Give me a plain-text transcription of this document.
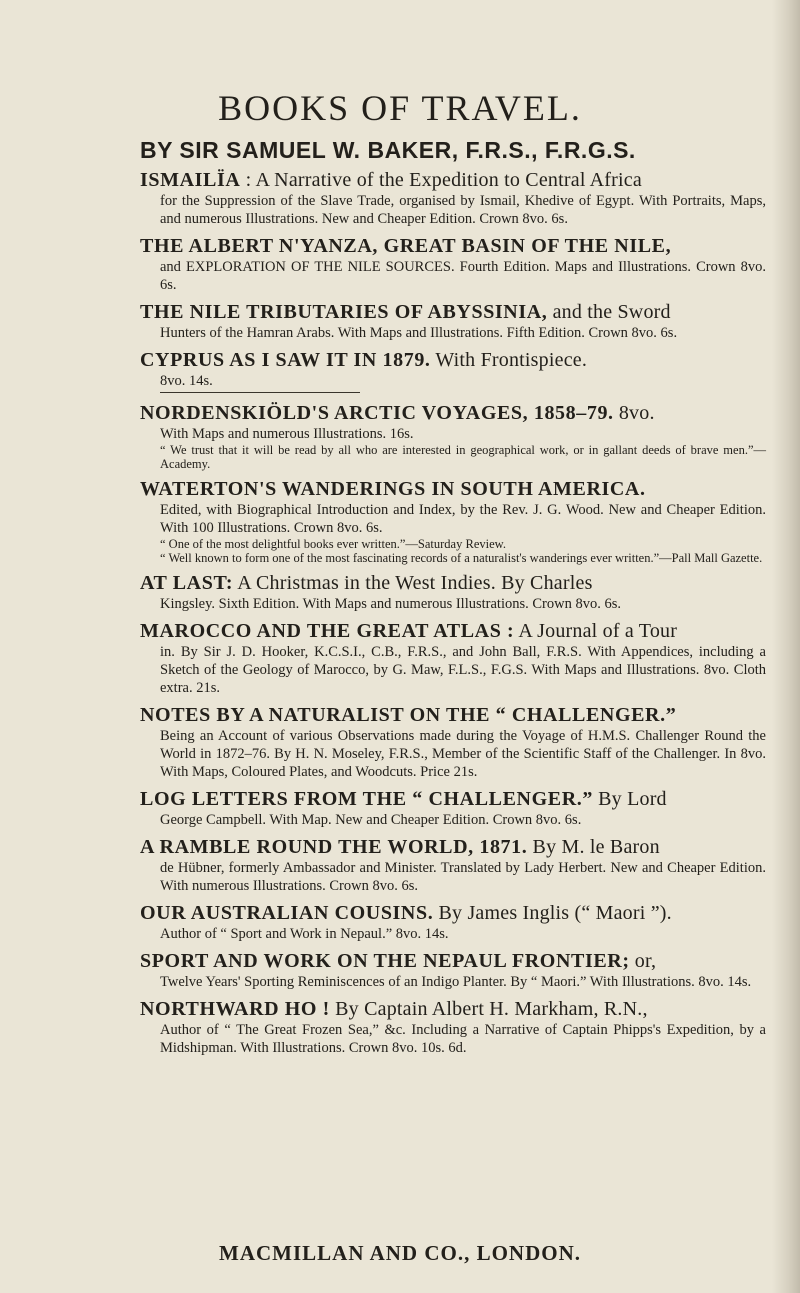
BOOKS OF TRAVEL.
BY SIR SAMUEL W. BAKER, F.R.S., F.R.G.S.
ISMAILÏA : A Narrative of the Expedition to Central Africa
for the Suppression of the Slave Trade, organised by Ismail, Khedive of Egypt. With Portraits, Maps, and numerous Illustrations. New and Cheaper Edition. Crown 8vo. 6s.
THE ALBERT N'YANZA, GREAT BASIN OF THE NILE,
and EXPLORATION OF THE NILE SOURCES. Fourth Edition. Maps and Illustrations. Crown 8vo. 6s.
THE NILE TRIBUTARIES OF ABYSSINIA, and the Sword
Hunters of the Hamran Arabs. With Maps and Illustrations. Fifth Edition. Crown 8vo. 6s.
CYPRUS AS I SAW IT IN 1879. With Frontispiece.
8vo. 14s.
NORDENSKIÖLD'S ARCTIC VOYAGES, 1858–79. 8vo.
With Maps and numerous Illustrations. 16s.
“ We trust that it will be read by all who are interested in geographical work, or in gallant deeds of brave men.”—Academy.
WATERTON'S WANDERINGS IN SOUTH AMERICA.
Edited, with Biographical Introduction and Index, by the Rev. J. G. Wood. New and Cheaper Edition. With 100 Illustrations. Crown 8vo. 6s.
“ One of the most delightful books ever written.”—Saturday Review.
“ Well known to form one of the most fascinating records of a naturalist's wanderings ever written.”—Pall Mall Gazette.
AT LAST: A Christmas in the West Indies. By Charles
Kingsley. Sixth Edition. With Maps and numerous Illustrations. Crown 8vo. 6s.
MAROCCO AND THE GREAT ATLAS : A Journal of a Tour
in. By Sir J. D. Hooker, K.C.S.I., C.B., F.R.S., and John Ball, F.R.S. With Appendices, including a Sketch of the Geology of Marocco, by G. Maw, F.L.S., F.G.S. With Maps and Illustrations. 8vo. Cloth extra. 21s.
NOTES BY A NATURALIST ON THE “ CHALLENGER.”
Being an Account of various Observations made during the Voyage of H.M.S. Challenger Round the World in 1872–76. By H. N. Moseley, F.R.S., Member of the Scientific Staff of the Challenger. In 8vo. With Maps, Coloured Plates, and Woodcuts. Price 21s.
LOG LETTERS FROM THE “ CHALLENGER.” By Lord
George Campbell. With Map. New and Cheaper Edition. Crown 8vo. 6s.
A RAMBLE ROUND THE WORLD, 1871. By M. le Baron
de Hübner, formerly Ambassador and Minister. Translated by Lady Herbert. New and Cheaper Edition. With numerous Illustrations. Crown 8vo. 6s.
OUR AUSTRALIAN COUSINS. By James Inglis (“ Maori ”).
Author of “ Sport and Work in Nepaul.” 8vo. 14s.
SPORT AND WORK ON THE NEPAUL FRONTIER; or,
Twelve Years' Sporting Reminiscences of an Indigo Planter. By “ Maori.” With Illustrations. 8vo. 14s.
NORTHWARD HO ! By Captain Albert H. Markham, R.N.,
Author of “ The Great Frozen Sea,” &c. Including a Narrative of Captain Phipps's Expedition, by a Midshipman. With Illustrations. Crown 8vo. 10s. 6d.
MACMILLAN AND CO., LONDON.
